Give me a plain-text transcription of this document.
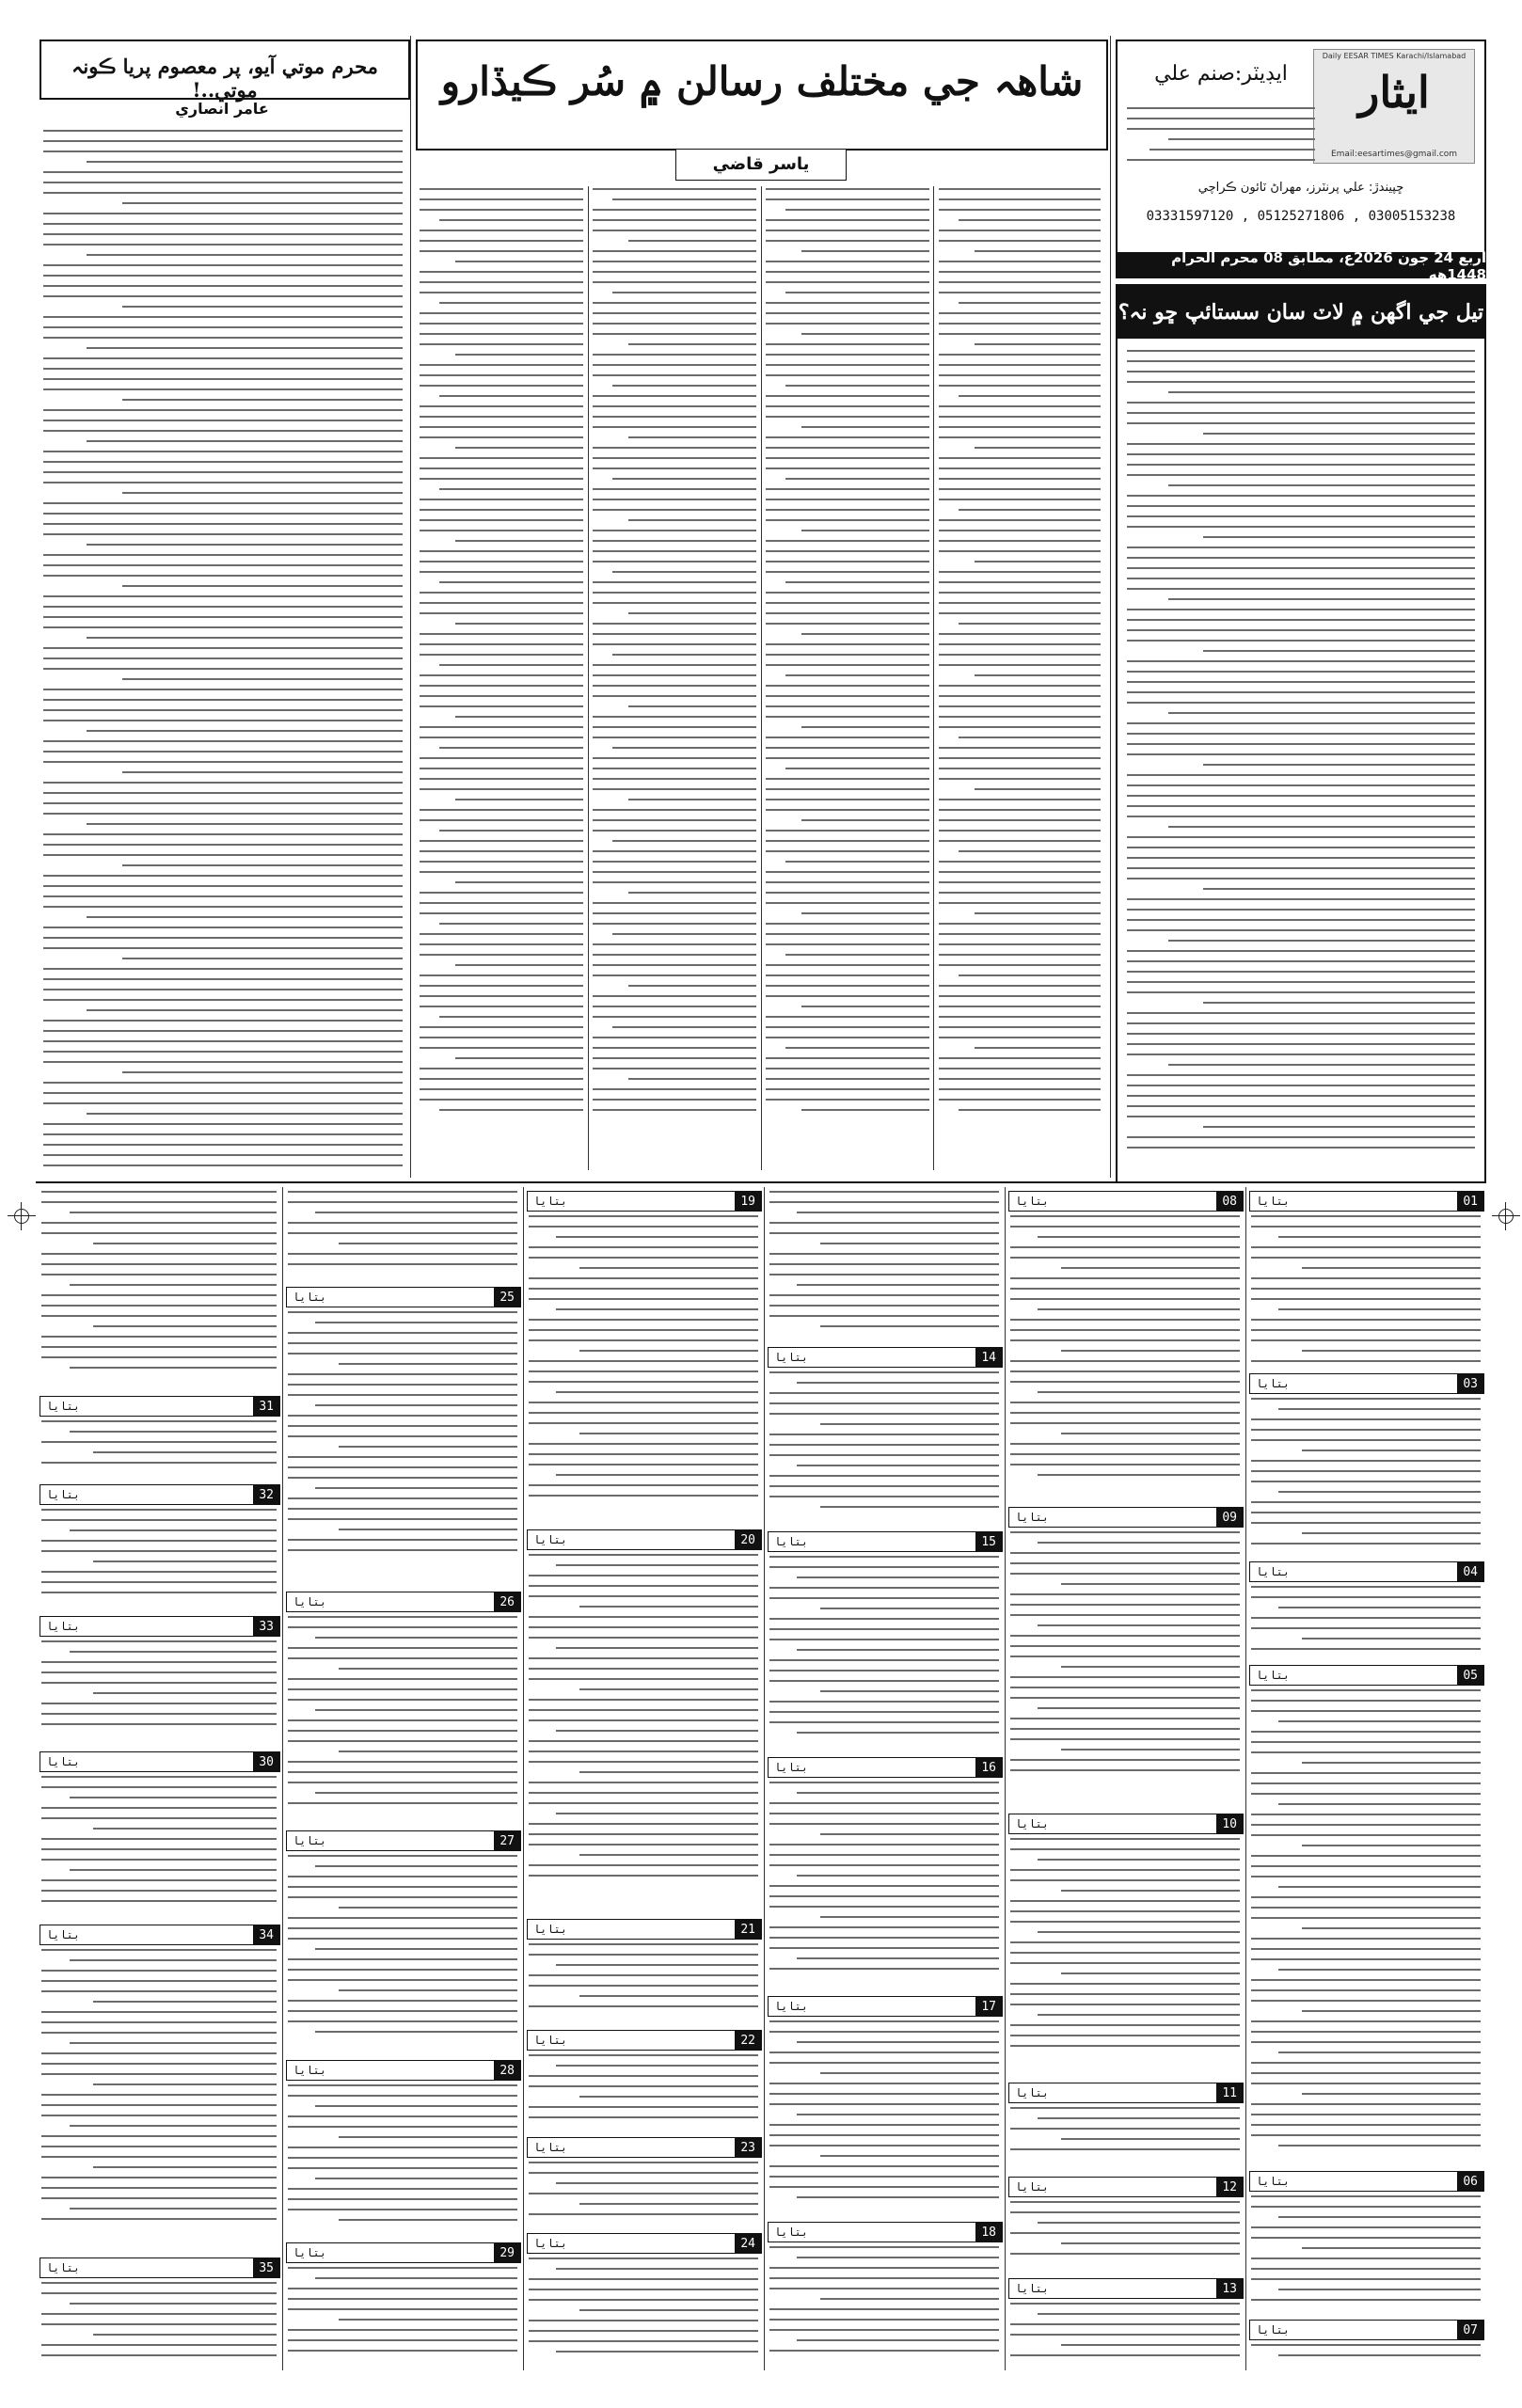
ايثار
Daily EESAR TIMES Karachi/Islamabad
Email:eesartimes@gmail.com
ايڊيٽر:صنم علي
ڇپيندڙ: علي پرنٽرز، مهراڻ ٽائون ڪراچي
03331597120 , 05125271806 , 03005153238
اربع 24 جون 2026ع، مطابق 08 محرم الحرام 1448هه
تيل جي اگهن ۾ لاٽ سان سستائپ ڇو نہ؟
شاهہ جي مختلف رسالن ۾ سُر ڪيڏارو
ياسر قاضي
محرم موتي آيو، پر معصوم پريا ڪونہ موتي..!
عامر انصاري
بتايا	01
بتايا	03
بتايا	04
بتايا	05
بتايا	06
بتايا	07
بتايا	08
بتايا	09
بتايا	10
بتايا	11
بتايا	12
بتايا	13
بتايا	14
بتايا	15
بتايا	16
بتايا	17
بتايا	18
بتايا	19
بتايا	20
بتايا	21
بتايا	22
بتايا	23
بتايا	24
بتايا	25
بتايا	26
بتايا	27
بتايا	28
بتايا	29
بتايا	31
بتايا	32
بتايا	33
بتايا	30
بتايا	34
بتايا	35
